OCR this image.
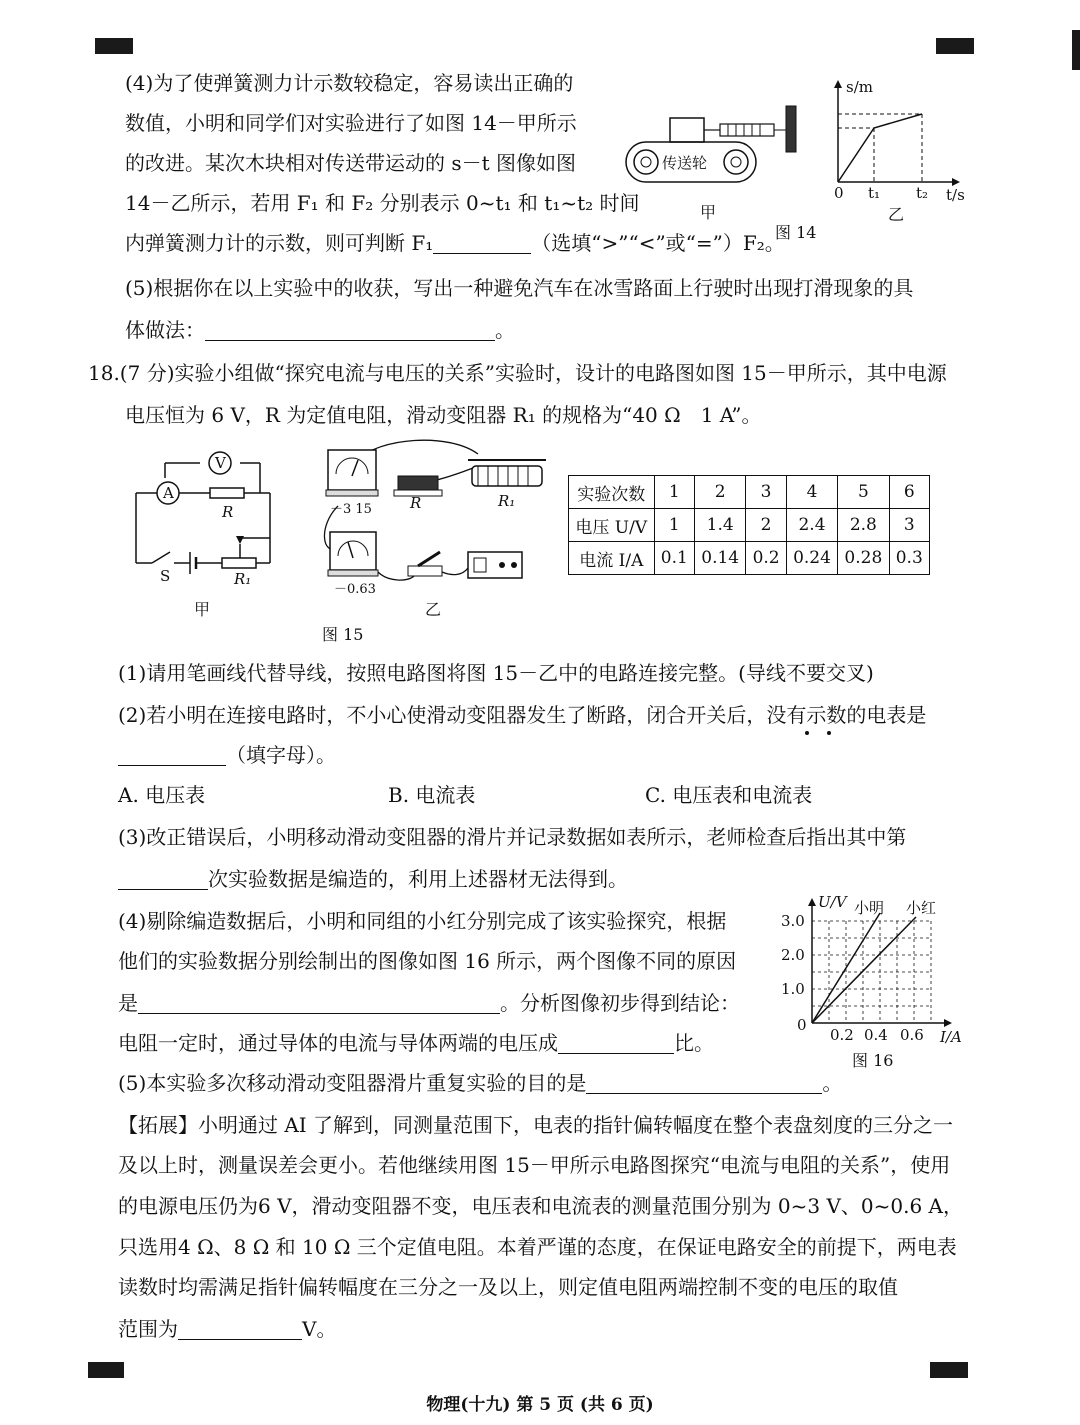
(4)为了使弹簧测力计示数较稳定，容易读出正确的
数值，小明和同学们对实验进行了如图 14－甲所示
的改进。某次木块相对传送带运动的 s－t 图像如图
14－乙所示，若用 F₁ 和 F₂ 分别表示 0~t₁ 和 t₁~t₂ 时间
内弹簧测力计的示数，则可判断 F₁	（选填“>”“<”或“=”）F₂。
传送轮
甲
图 14
s/m
0 t₁ t₂ t/s
乙
(5)根据你在以上实验中的收获，写出一种避免汽车在冰雪路面上行驶时出现打滑现象的具
体做法：	。
18.(7 分)实验小组做“探究电流与电压的关系”实验时，设计的电路图如图 15－甲所示，其中电源
电压恒为 6 V，R 为定值电阻，滑动变阻器 R₁ 的规格为“40 Ω　1 A”。
V
A
R
S	R₁
甲
－3 15	R	R₁
－0.63
乙
图 15
实验次数	1	2	3	4	5	6
电压 U/V	1	1.4	2	2.4	2.8	3
电流 I/A	0.1	0.14	0.2	0.24	0.28	0.3
(1)请用笔画线代替导线，按照电路图将图 15－乙中的电路连接完整。(导线不要交叉)
(2)若小明在连接电路时，不小心使滑动变阻器发生了断路，闭合开关后，没有示数的电表是
（填字母）。
A. 电压表	B. 电流表	C. 电压表和电流表
(3)改正错误后，小明移动滑动变阻器的滑片并记录数据如表所示，老师检查后指出其中第
次实验数据是编造的，利用上述器材无法得到。
(4)剔除编造数据后，小明和同组的小红分别完成了该实验探究，根据
他们的实验数据分别绘制出的图像如图 16 所示，两个图像不同的原因
是	。分析图像初步得到结论：
电阻一定时，通过导体的电流与导体两端的电压成	比。
U/V 小明 小红
3.0
2.0
1.0
0
0.2 0.4 0.6 I/A
图 16
(5)本实验多次移动滑动变阻器滑片重复实验的目的是	。
【拓展】小明通过 AI 了解到，同测量范围下，电表的指针偏转幅度在整个表盘刻度的三分之一
及以上时，测量误差会更小。若他继续用图 15－甲所示电路图探究“电流与电阻的关系”，使用
的电源电压仍为6 V，滑动变阻器不变，电压表和电流表的测量范围分别为 0~3 V、0~0.6 A，
只选用4 Ω、8 Ω 和 10 Ω 三个定值电阻。本着严谨的态度，在保证电路安全的前提下，两电表
读数时均需满足指针偏转幅度在三分之一及以上，则定值电阻两端控制不变的电压的取值
范围为	V。
物理(十九) 第 5 页 (共 6 页)
